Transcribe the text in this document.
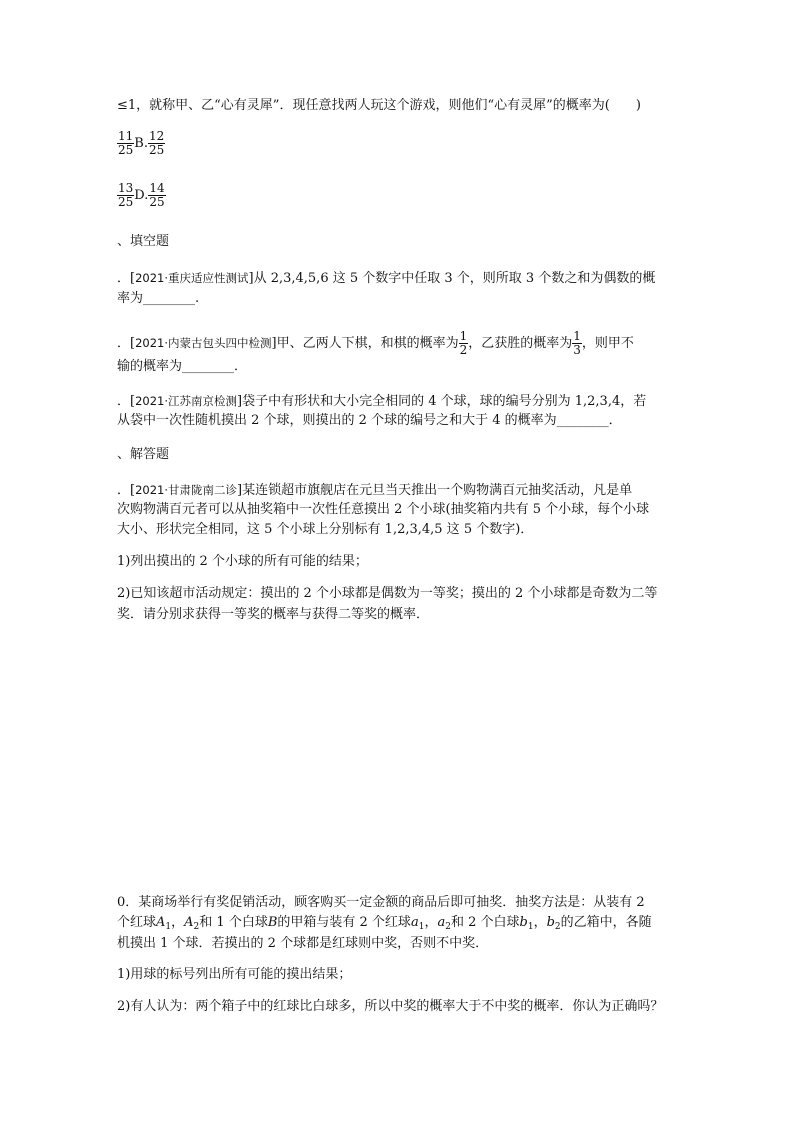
≤1，就称甲、乙“心有灵犀”．现任意找两人玩这个游戏，则他们“心有灵犀”的概率为(　　)
$\frac{11}{25} B$. $\frac{12}{25}$
$\frac{13}{25} D$. $\frac{14}{25}$
、填空题
．[2021·重庆适应性测试]从 2,3,4,5,6 这 5 个数字中任取 3 个，则所取 3 个数之和为偶数的概
率为________.
．[2021·内蒙古包头四中检测]甲、乙两人下棋，和棋的概率为 $\frac{1}{2}$ ，乙获胜的概率为 $\frac{1}{3}$ ，则甲不
输的概率为________．
．[2021·江苏南京检测]袋子中有形状和大小完全相同的 4 个球，球的编号分别为 1,2,3,4，若
从袋中一次性随机摸出 2 个球，则摸出的 2 个球的编号之和大于 4 的概率为________．
、解答题
．[2021·甘肃陇南二诊]某连锁超市旗舰店在元旦当天推出一个购物满百元抽奖活动，凡是单
次购物满百元者可以从抽奖箱中一次性任意摸出 2 个小球(抽奖箱内共有 5 个小球，每个小球
大小、形状完全相同，这 5 个小球上分别标有 1,2,3,4,5 这 5 个数字)．
1)列出摸出的 2 个小球的所有可能的结果；
2)已知该超市活动规定：摸出的 2 个小球都是偶数为一等奖；摸出的 2 个小球都是奇数为二等
奖．请分别求获得一等奖的概率与获得二等奖的概率．
0．某商场举行有奖促销活动，顾客购买一定金额的商品后即可抽奖．抽奖方法是：从装有 2
个红球$A_1$，$A_2$和 1 个白球B的甲箱与装有 2 个红球$a_1$，$a_2$和 2 个白球$b_1$，$b_2$的乙箱中，各随
机摸出 1 个球．若摸出的 2 个球都是红球则中奖，否则不中奖．
1)用球的标号列出所有可能的摸出结果；
2)有人认为：两个箱子中的红球比白球多，所以中奖的概率大于不中奖的概率．你认为正确吗？
